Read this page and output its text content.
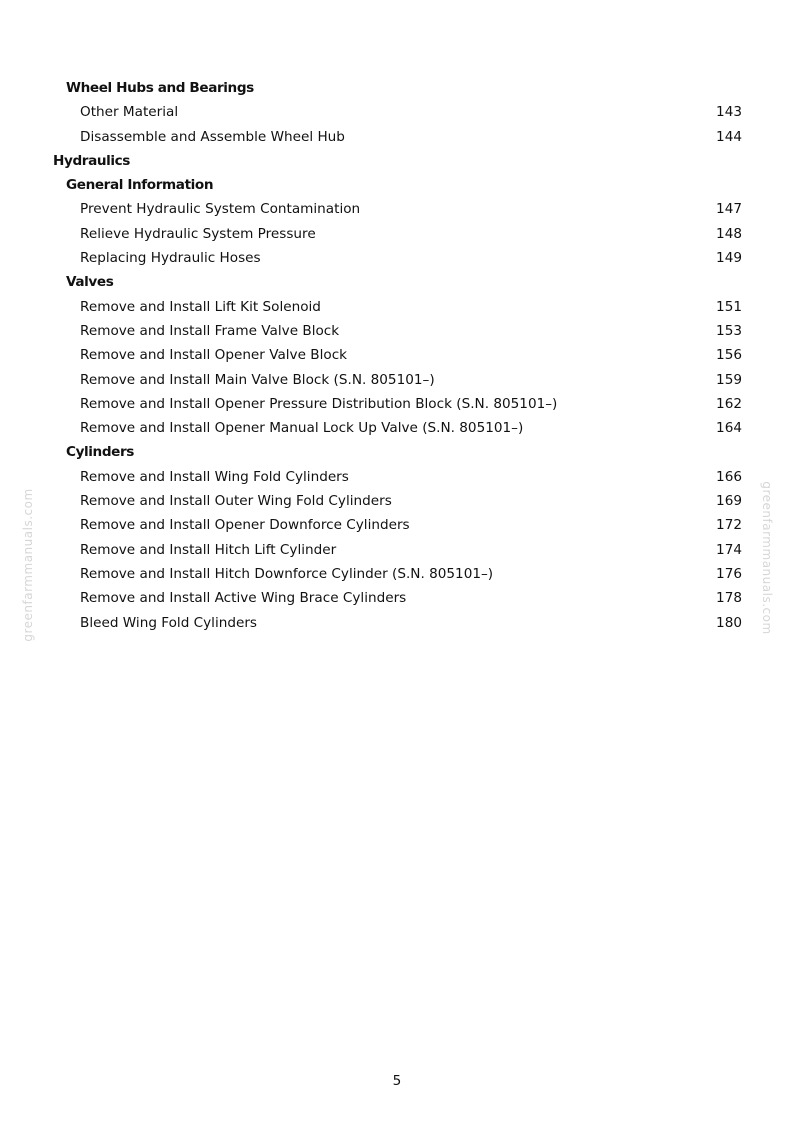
Wheel Hubs and Bearings
Other Material	143
Disassemble and Assemble Wheel Hub	144
Hydraulics
General Information
Prevent Hydraulic System Contamination	147
Relieve Hydraulic System Pressure	148
Replacing Hydraulic Hoses	149
Valves
Remove and Install Lift Kit Solenoid	151
Remove and Install Frame Valve Block	153
Remove and Install Opener Valve Block	156
Remove and Install Main Valve Block (S.N. 805101–)	159
Remove and Install Opener Pressure Distribution Block (S.N. 805101–)	162
Remove and Install Opener Manual Lock Up Valve (S.N. 805101–)	164
Cylinders
Remove and Install Wing Fold Cylinders	166
Remove and Install Outer Wing Fold Cylinders	169
Remove and Install Opener Downforce Cylinders	172
Remove and Install Hitch Lift Cylinder	174
Remove and Install Hitch Downforce Cylinder (S.N. 805101–)	176
Remove and Install Active Wing Brace Cylinders	178
Bleed Wing Fold Cylinders	180
greenfarmmanuals.com	greenfarmmanuals.com
5
